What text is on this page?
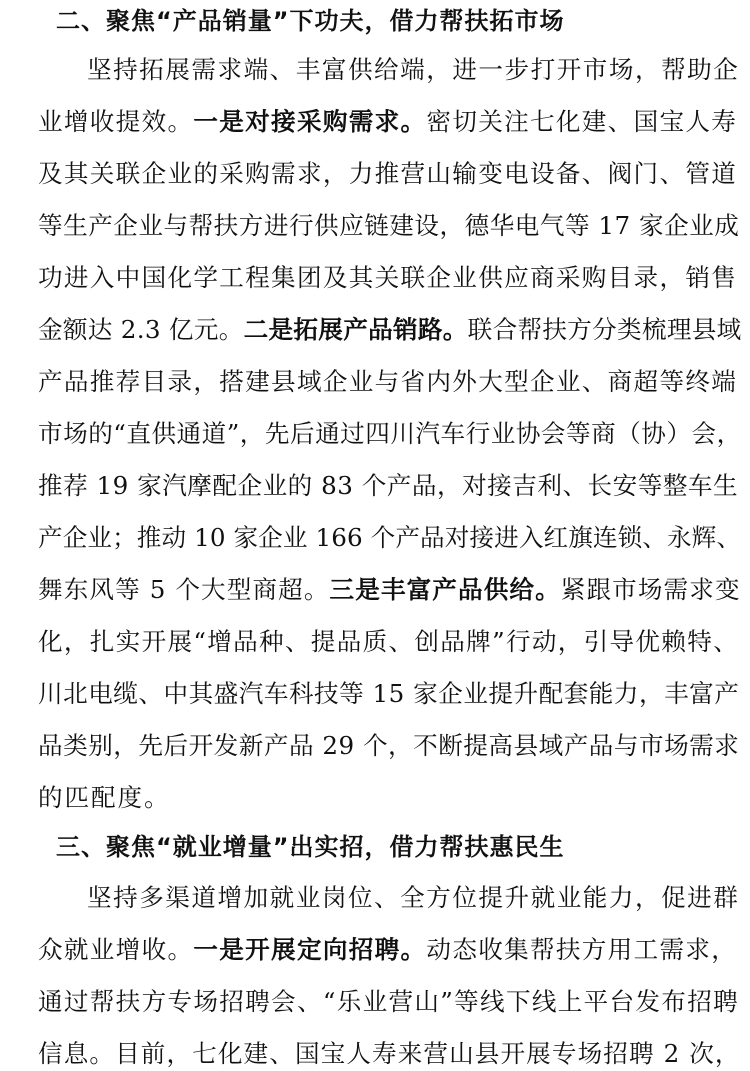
二、聚焦“产品销量”下功夫，借力帮扶拓市场
坚持拓展需求端、丰富供给端，进一步打开市场，帮助企
业增收提效。一是对接采购需求。密切关注七化建、国宝人寿
及其关联企业的采购需求，力推营山输变电设备、阀门、管道
等生产企业与帮扶方进行供应链建设，德华电气等 17 家企业成
功进入中国化学工程集团及其关联企业供应商采购目录，销售
金额达 2.3 亿元。二是拓展产品销路。联合帮扶方分类梳理县域
产品推荐目录，搭建县域企业与省内外大型企业、商超等终端
市场的“直供通道”，先后通过四川汽车行业协会等商（协）会，
推荐 19 家汽摩配企业的 83 个产品，对接吉利、长安等整车生
产企业；推动 10 家企业 166 个产品对接进入红旗连锁、永辉、
舞东风等 5 个大型商超。三是丰富产品供给。紧跟市场需求变
化，扎实开展“增品种、提品质、创品牌”行动，引导优赖特、
川北电缆、中其盛汽车科技等 15 家企业提升配套能力，丰富产
品类别，先后开发新产品 29 个，不断提高县域产品与市场需求
的匹配度。
三、聚焦“就业增量”出实招，借力帮扶惠民生
坚持多渠道增加就业岗位、全方位提升就业能力，促进群
众就业增收。一是开展定向招聘。动态收集帮扶方用工需求，
通过帮扶方专场招聘会、“乐业营山”等线下线上平台发布招聘
信息。目前，七化建、国宝人寿来营山县开展专场招聘 2 次，
